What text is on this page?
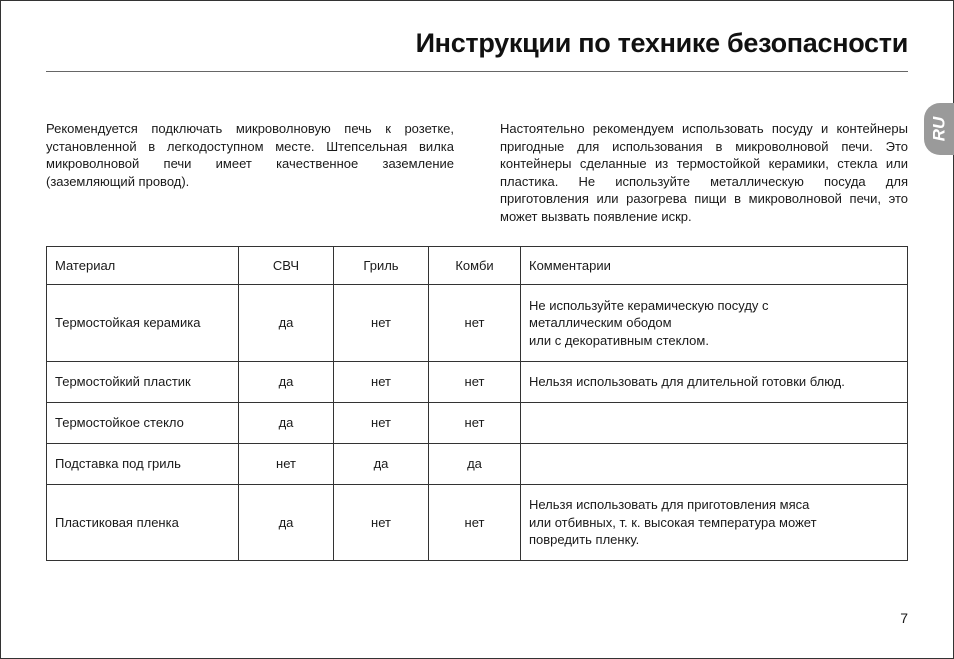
Инструкции по технике безопасности
RU

Рекомендуется подключать микроволновую печь к розетке, установленной в легкодоступном месте. Штепсельная вилка микроволновой печи имеет качественное заземление (заземляющий провод).

Настоятельно рекомендуем использовать посуду и контейнеры пригодные для использования в микроволновой печи. Это контейнеры сделанные из термостойкой керамики, стекла или пластика. Не используйте металлическую посуда для приготовления или разогрева пищи в микроволновой печи, это может вызвать появление искр.

Материал	СВЧ	Гриль	Комби	Комментарии
Термостойкая керамика	да	нет	нет	Не используйте керамическую посуду с
металлическим ободом
или с декоративным стеклом.

Термостойкий пластик	да	нет	нет	Нельзя использовать для длительной готовки блюд.

Термостойкое стекло	да	нет	нет	
Подставка под гриль	нет	да	да	
Пластиковая пленка	да	нет	нет	Нельзя использовать для приготовления мяса
или отбивных, т. к. высокая температура может
повредить пленку.
7
